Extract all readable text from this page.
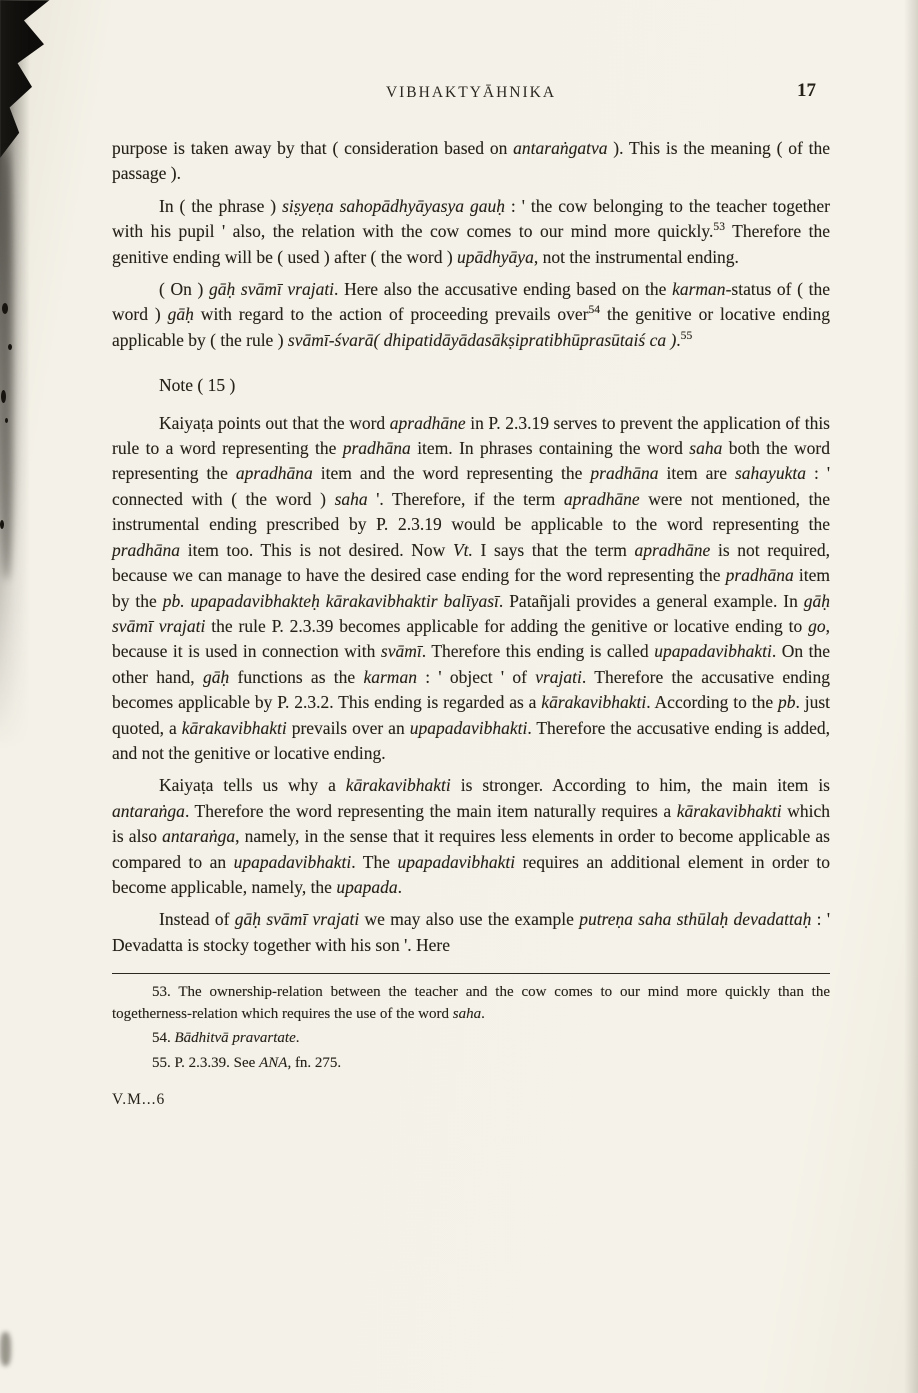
VIBHAKTYĀHNIKA	17

purpose is taken away by that ( consideration based on antaraṅgatva ). This is the meaning ( of the passage ).

In ( the phrase ) siṣyeṇa sahopādhyāyasya gauḥ : ' the cow belonging to the teacher together with his pupil ' also, the relation with the cow comes to our mind more quickly.$^{53}$ Therefore the genitive ending will be ( used ) after ( the word ) upādhyāya, not the instrumental ending.

( On ) gāḥ svāmī vrajati. Here also the accusative ending based on the karman-status of ( the word ) gāḥ with regard to the action of proceeding prevails over$^{54}$ the genitive or locative ending applicable by ( the rule ) svāmī-śvarā( dhipatidāyādasākṣipratibhūprasūtaiś ca ).$^{55}$

Note ( 15 )

Kaiyaṭa points out that the word apradhāne in P. 2.3.19 serves to prevent the application of this rule to a word representing the pradhāna item. In phrases containing the word saha both the word representing the apradhāna item and the word representing the pradhāna item are sahayukta : ' connected with ( the word ) saha '. Therefore, if the term apradhāne were not mentioned, the instrumental ending prescribed by P. 2.3.19 would be applicable to the word representing the pradhāna item too. This is not desired. Now Vt. I says that the term apradhāne is not required, because we can manage to have the desired case ending for the word representing the pradhāna item by the pb. upapadavibhakteḥ kārakavibhaktir balīyasī. Patañjali provides a general example. In gāḥ svāmī vrajati the rule P. 2.3.39 becomes applicable for adding the genitive or locative ending to go, because it is used in connection with svāmī. Therefore this ending is called upapadavibhakti. On the other hand, gāḥ functions as the karman : ' object ' of vrajati. Therefore the accusative ending becomes applicable by P. 2.3.2. This ending is regarded as a kārakavibhakti. According to the pb. just quoted, a kārakavibhakti prevails over an upapadavibhakti. Therefore the accusative ending is added, and not the genitive or locative ending.

Kaiyaṭa tells us why a kārakavibhakti is stronger. According to him, the main item is antaraṅga. Therefore the word representing the main item naturally requires a kārakavibhakti which is also antaraṅga, namely, in the sense that it requires less elements in order to become applicable as compared to an upapadavibhakti. The upapadavibhakti requires an additional element in order to become applicable, namely, the upapada.

Instead of gāḥ svāmī vrajati we may also use the example putreṇa saha sthūlaḥ devadattaḥ : ' Devadatta is stocky together with his son '. Here

53. The ownership-relation between the teacher and the cow comes to our mind more quickly than the togetherness-relation which requires the use of the word saha.

54. Bādhitvā pravartate.

55. P. 2.3.39. See ANA, fn. 275.

V.M...6
